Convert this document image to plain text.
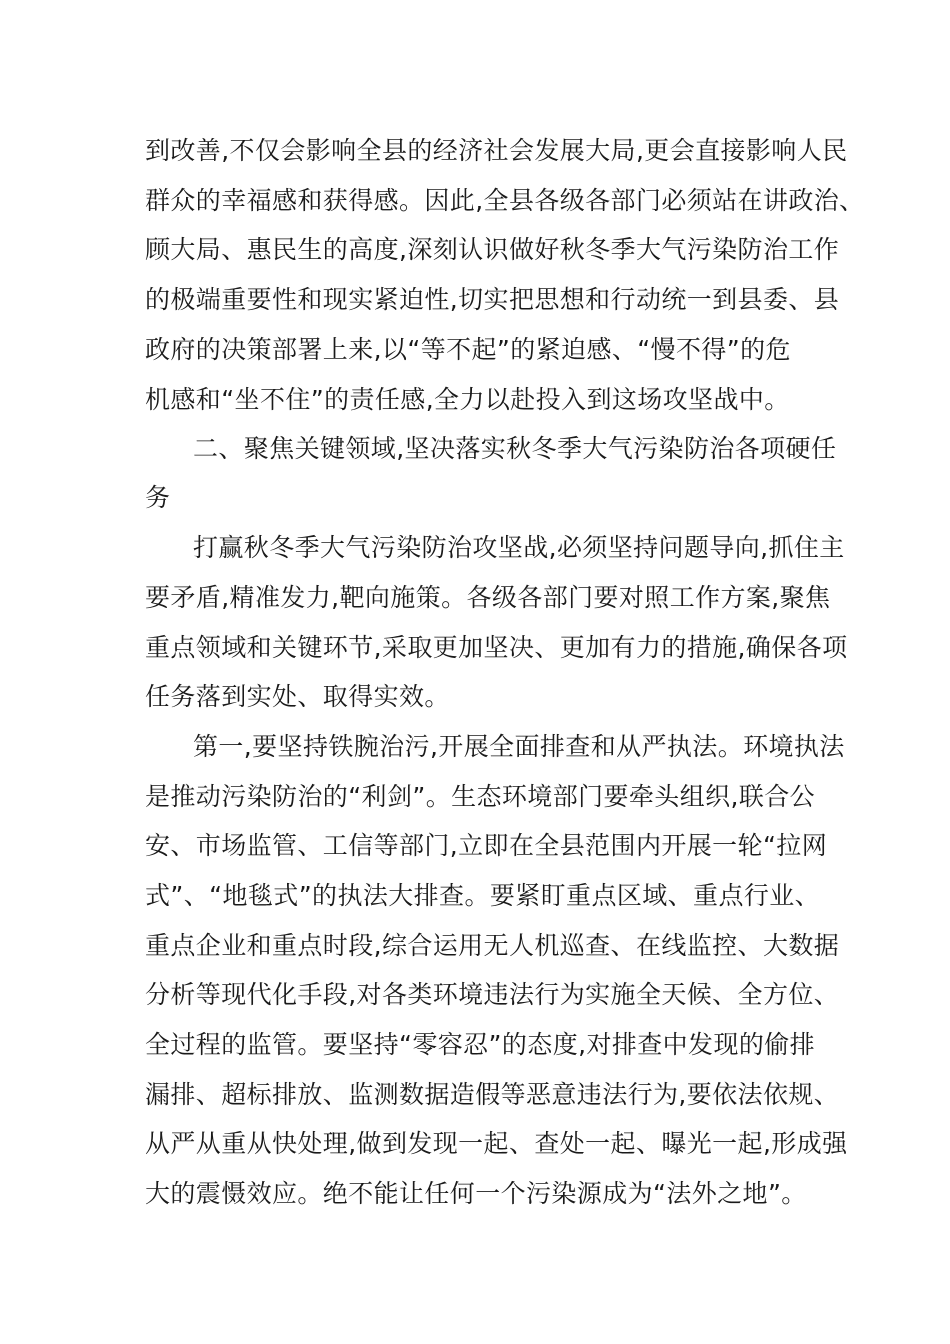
到改善,不仅会影响全县的经济社会发展大局,更会直接影响人民
群众的幸福感和获得感。因此,全县各级各部门必须站在讲政治、
顾大局、惠民生的高度,深刻认识做好秋冬季大气污染防治工作
的极端重要性和现实紧迫性,切实把思想和行动统一到县委、县
政府的决策部署上来,以“等不起”的紧迫感、“慢不得”的危
机感和“坐不住”的责任感,全力以赴投入到这场攻坚战中。
二、聚焦关键领域,坚决落实秋冬季大气污染防治各项硬任
务
打赢秋冬季大气污染防治攻坚战,必须坚持问题导向,抓住主
要矛盾,精准发力,靶向施策。各级各部门要对照工作方案,聚焦
重点领域和关键环节,采取更加坚决、更加有力的措施,确保各项
任务落到实处、取得实效。
第一,要坚持铁腕治污,开展全面排查和从严执法。环境执法
是推动污染防治的“利剑”。生态环境部门要牵头组织,联合公
安、市场监管、工信等部门,立即在全县范围内开展一轮“拉网
式”、“地毯式”的执法大排查。要紧盯重点区域、重点行业、
重点企业和重点时段,综合运用无人机巡查、在线监控、大数据
分析等现代化手段,对各类环境违法行为实施全天候、全方位、
全过程的监管。要坚持“零容忍”的态度,对排查中发现的偷排
漏排、超标排放、监测数据造假等恶意违法行为,要依法依规、
从严从重从快处理,做到发现一起、查处一起、曝光一起,形成强
大的震慑效应。绝不能让任何一个污染源成为“法外之地”。
